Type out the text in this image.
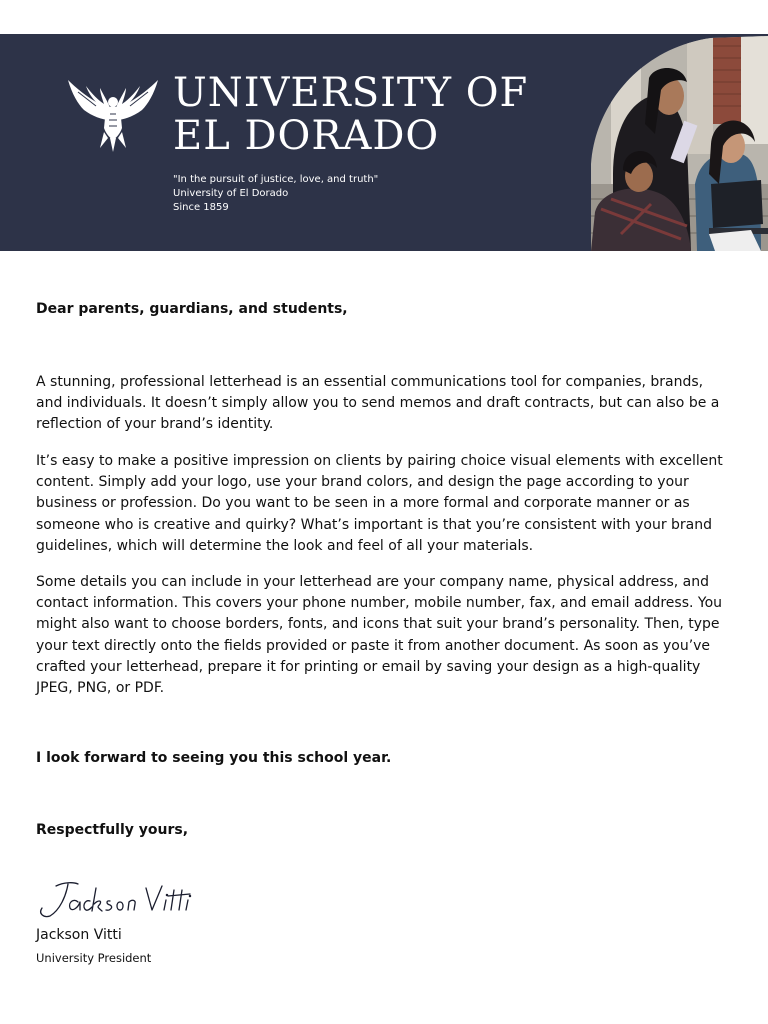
UNIVERSITY OF
EL DORADO
"In the pursuit of justice, love, and truth"
University of El Dorado
Since 1859
Dear parents, guardians, and students,

A stunning, professional letterhead is an essential communications tool for companies, brands, and individuals. It doesn’t simply allow you to send memos and draft contracts, but can also be a reflection of your brand’s identity.

It’s easy to make a positive impression on clients by pairing choice visual elements with excellent content. Simply add your logo, use your brand colors, and design the page according to your business or profession. Do you want to be seen in a more formal and corporate manner or as someone who is creative and quirky? What’s important is that you’re consistent with your brand guidelines, which will determine the look and feel of all your materials.

Some details you can include in your letterhead are your company name, physical address, and contact information. This covers your phone number, mobile number, fax, and email address. You might also want to choose borders, fonts, and icons that suit your brand’s personality. Then, type your text directly onto the fields provided or paste it from another document. As soon as you’ve crafted your letterhead, prepare it for printing or email by saving your design as a high-quality JPEG, PNG, or PDF.

I look forward to seeing you this school year.
Respectfully yours,
Jackson Vitti
University President
